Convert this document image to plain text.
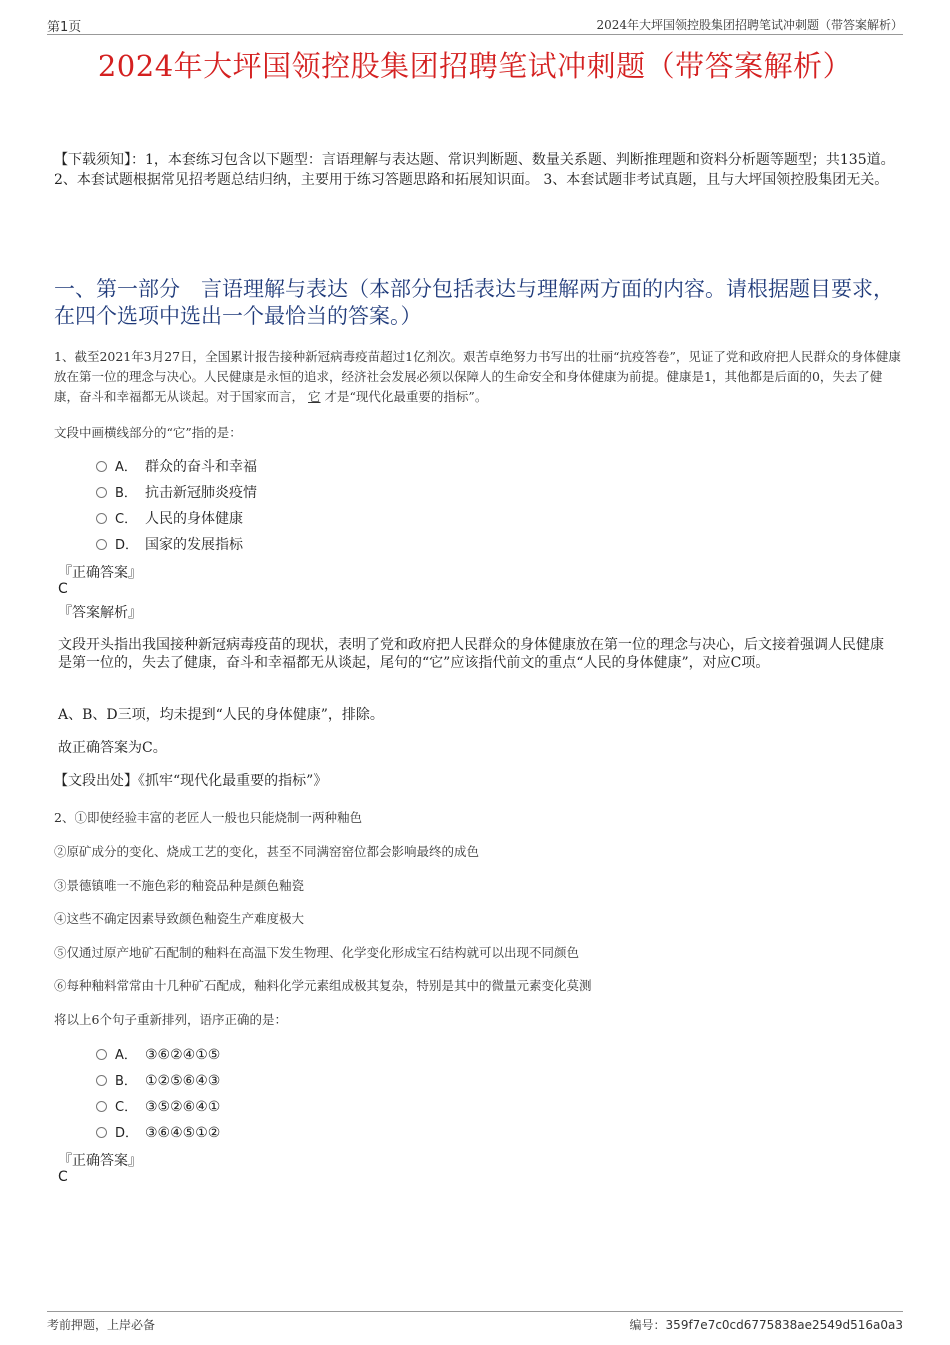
第1页	2024年大坪国领控股集团招聘笔试冲刺题（带答案解析）
2024年大坪国领控股集团招聘笔试冲刺题（带答案解析）
【下载须知】：1，本套练习包含以下题型：言语理解与表达题、常识判断题、数量关系题、判断推理题和资料分析题等题型；共135道。 2、本套试题根据常见招考题总结归纳，主要用于练习答题思路和拓展知识面。 3、本套试题非考试真题，且与大坪国领控股集团无关。
一、第一部分　言语理解与表达（本部分包括表达与理解两方面的内容。请根据题目要求，在四个选项中选出一个最恰当的答案。）
1、截至2021年3月27日，全国累计报告接种新冠病毒疫苗超过1亿剂次。艰苦卓绝努力书写出的壮丽“抗疫答卷”，见证了党和政府把人民群众的身体健康放在第一位的理念与决心。人民健康是永恒的追求，经济社会发展必须以保障人的生命安全和身体健康为前提。健康是1，其他都是后面的0，失去了健康，奋斗和幸福都无从谈起。对于国家而言， 它 才是“现代化最重要的指标”。
文段中画横线部分的“它”指的是：
A． 群众的奋斗和幸福
B． 抗击新冠肺炎疫情
C． 人民的身体健康
D． 国家的发展指标
『正确答案』
C
『答案解析』
文段开头指出我国接种新冠病毒疫苗的现状，表明了党和政府把人民群众的身体健康放在第一位的理念与决心，后文接着强调人民健康是第一位的，失去了健康，奋斗和幸福都无从谈起，尾句的“它”应该指代前文的重点“人民的身体健康”，对应C项。
A、B、D三项，均未提到“人民的身体健康”，排除。
故正确答案为C。
【文段出处】《抓牢“现代化最重要的指标”》
2、①即使经验丰富的老匠人一般也只能烧制一两种釉色
②原矿成分的变化、烧成工艺的变化，甚至不同满窑窑位都会影响最终的成色
③景德镇唯一不施色彩的釉瓷品种是颜色釉瓷
④这些不确定因素导致颜色釉瓷生产难度极大
⑤仅通过原产地矿石配制的釉料在高温下发生物理、化学变化形成宝石结构就可以出现不同颜色
⑥每种釉料常常由十几种矿石配成，釉料化学元素组成极其复杂，特别是其中的微量元素变化莫测
将以上6个句子重新排列，语序正确的是：
A． ③⑥②④①⑤
B． ①②⑤⑥④③
C． ③⑤②⑥④①
D． ③⑥④⑤①②
『正确答案』
C
考前押题，上岸必备	编号：359f7e7c0cd6775838ae2549d516a0a3
